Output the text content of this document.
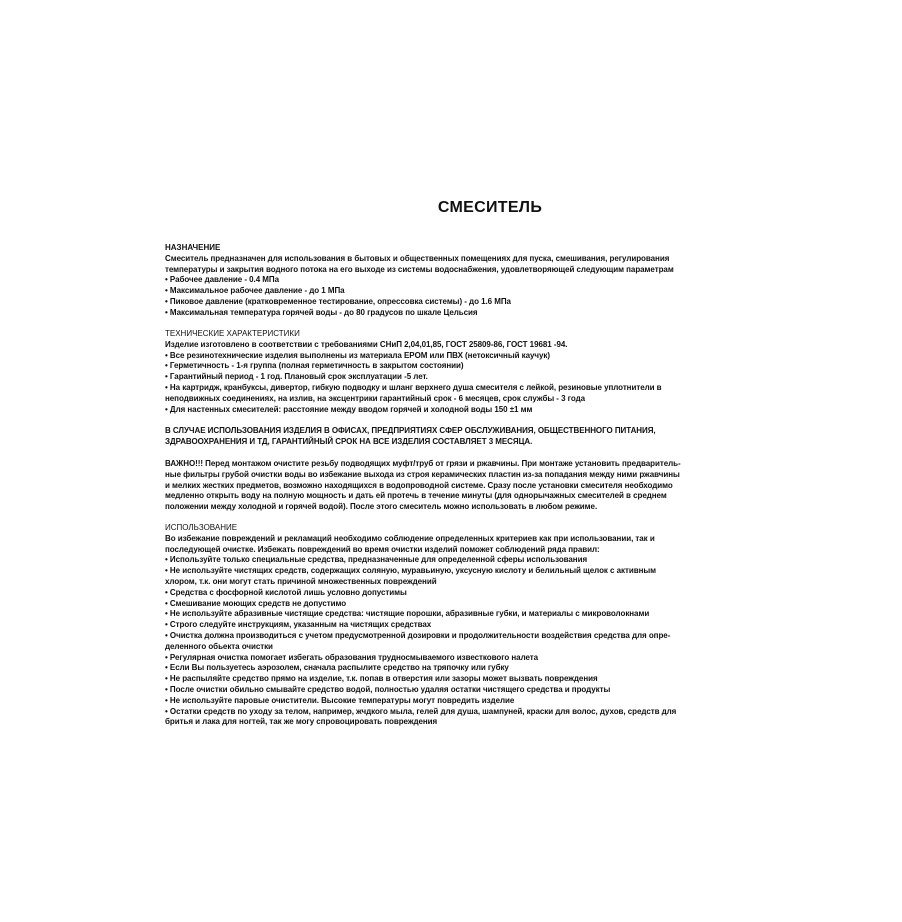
СМЕСИТЕЛЬ
НАЗНАЧЕНИЕ
Смеситель предназначен для использования в бытовых и общественных помещениях для пуска, смешивания, регулирования
температуры и закрытия водного потока на его выходе из системы водоснабжения, удовлетворяющей следующим параметрам
• Рабочее давление - 0.4 МПа
• Максимальное рабочее давление - до 1 МПа
• Пиковое давление (кратковременное тестирование, опрессовка системы) - до 1.6 МПа
• Максимальная температура горячей воды - до 80 градусов по шкале Цельсия
ТЕХНИЧЕСКИЕ ХАРАКТЕРИСТИКИ
Изделие изготовлено в соответствии с требованиями СНиП 2,04,01,85, ГОСТ 25809-86, ГОСТ 19681 -94.
• Все резинотехнические изделия выполнены из материала EPOM или ПВХ (нетоксичный каучук)
• Герметичность - 1-я группа (полная герметичность в закрытом состоянии)
• Гарантийный период - 1 год. Плановый срок эксплуатации -5 лет.
• На картридж, кранбуксы, дивертор, гибкую подводку и шланг верхнего душа смесителя с лейкой, резиновые уплотнители в
неподвижных соединениях, на излив, на эксцентрики гарантийный срок - 6 месяцев, срок службы - 3 года
• Для настенных смесителей: расстояние между вводом горячей и холодной воды 150 ±1 мм
В СЛУЧАЕ ИСПОЛЬЗОВАНИЯ ИЗДЕЛИЯ В ОФИСАХ, ПРЕДПРИЯТИЯХ СФЕР ОБСЛУЖИВАНИЯ, ОБЩЕСТВЕННОГО ПИТАНИЯ,
ЗДРАВООХРАНЕНИЯ И ТД, ГАРАНТИЙНЫЙ СРОК НА ВСЕ ИЗДЕЛИЯ СОСТАВЛЯЕТ 3 МЕСЯЦА.
ВАЖНО!!! Перед монтажом очистите резьбу подводящих муфт/труб от грязи и ржавчины. При монтаже установить предваритель-
ные фильтры грубой очистки воды во избежание выхода из строя керамических пластин из-за попадания между ними ржавчины
и мелких жестких предметов, возможно находящихся в водопроводной системе. Сразу после установки смесителя необходимо
медленно открыть воду на полную мощность и дать ей протечь в течение минуты (для однорычажных смесителей в среднем
положении между холодной и горячей водой). После этого смеситель можно использовать в любом режиме.
ИСПОЛЬЗОВАНИЕ
Во избежание повреждений и рекламаций необходимо соблюдение определенных критериев как при использовании, так и
последующей очистке. Избежать повреждений во время очистки изделий поможет соблюдений ряда правил:
• Используйте только специальные средства, предназначенные для определенной сферы использования
• Не используйте чистящих средств, содержащих соляную, муравьиную, уксусную кислоту и белильный щелок с активным
хлором, т.к. они могут стать причиной множественных повреждений
• Средства с фосфорной кислотой лишь условно допустимы
• Смешивание моющих средств не допустимо
• Не используйте абразивные чистящие средства: чистящие порошки, абразивные губки, и материалы с микроволокнами
• Строго следуйте инструкциям, указанным на чистящих средствах
• Очистка должна производиться с учетом предусмотренной дозировки и продолжительности воздействия средства для опре-
деленного обьекта очистки
• Регулярная очистка помогает избегать образования трудносмываемого известкового налета
• Если Вы пользуетесь аэрозолем, сначала распылите средство на тряпочку или губку
• Не распыляйте средство прямо на изделие, т.к. попав в отверстия или зазоры может вызвать повреждения
• После очистки обильно смывайте средство водой, полностью удаляя остатки чистящего средства и продукты
• Не используйте паровые очистители. Высокие температуры могут повредить изделие
• Остатки средств по уходу за телом, например, жчдкого мыла, гелей для душа, шампуней, краски для волос, духов, средств для
бритья и лака для ногтей, так же могу спровоцировать повреждения
